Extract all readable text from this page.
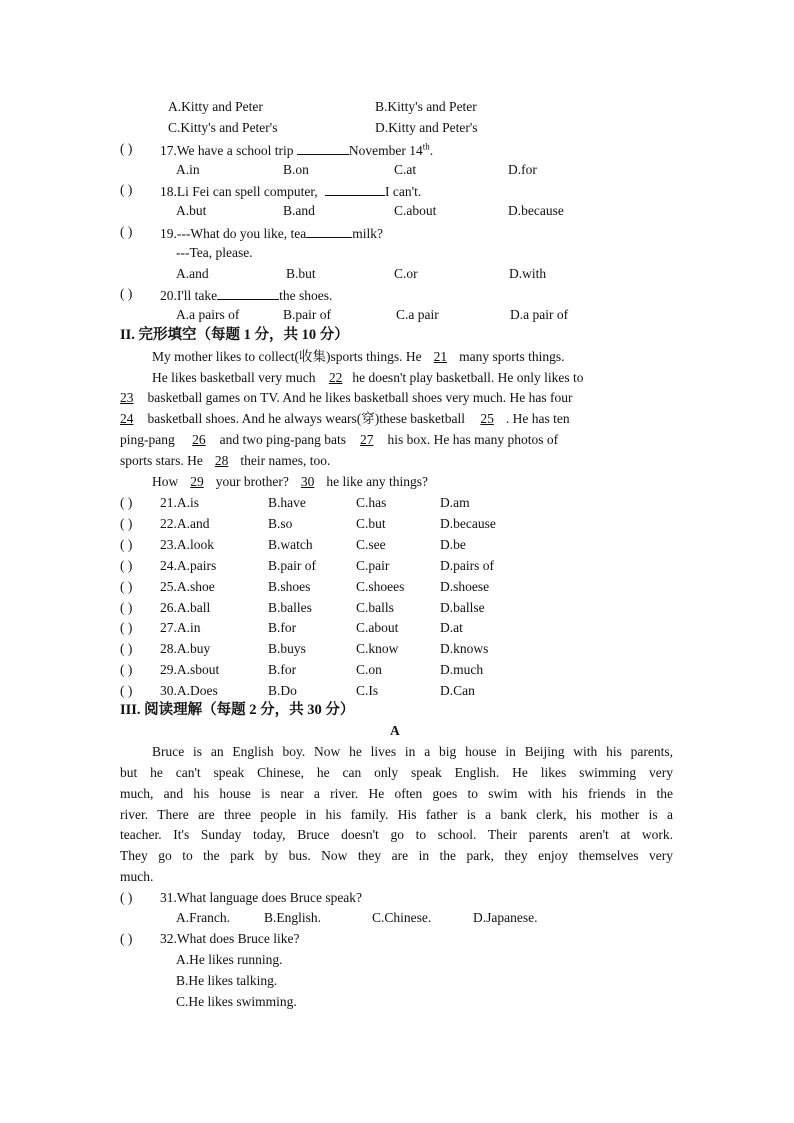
A.Kitty and Peter	B.Kitty's and Peter
C.Kitty's and Peter's	D.Kitty and Peter's
( ) 17.We have a school trip	November 14th.
A.in	B.on	C.at	D.for
( ) 18.Li Fei can spell computer,	I can't.
A.but	B.and	C.about	D.because
( ) 19.---What do you like, tea	milk?
---Tea, please.
A.and	B.but	C.or	D.with
( ) 20.I'll take	the shoes.
A.a pairs of	B.pair of	C.a pair	D.a pair of
II. 完形填空（每题 1 分，共 10 分）
My mother likes to collect(收集)sports things. He 21 many sports things.
He likes basketball very much 22 he doesn't play basketball. He only likes to
23 basketball games on TV. And he likes basketball shoes very much. He has four
24 basketball shoes. And he always wears(穿)these basketball 25 . He has ten
ping-pang 26 and two ping-pang bats 27 his box. He has many photos of
sports stars. He 28 their names, too.
How 29 your brother? 30 he like any things?
( ) 21.A.is	B.have	C.has	D.am
( ) 22.A.and	B.so	C.but	D.because
( ) 23.A.look	B.watch	C.see	D.be
( ) 24.A.pairs	B.pair of	C.pair	D.pairs of
( ) 25.A.shoe	B.shoes	C.shoees	D.shoese
( ) 26.A.ball	B.balles	C.balls	D.ballse
( ) 27.A.in	B.for	C.about	D.at
( ) 28.A.buy	B.buys	C.know	D.knows
( ) 29.A.sbout	B.for	C.on	D.much
( ) 30.A.Does	B.Do	C.Is	D.Can
III. 阅读理解（每题 2 分，共 30 分）
A
Bruce is an English boy. Now he lives in a big house in Beijing with his parents,
but he can't speak Chinese, he can only speak English. He likes swimming very
much, and his house is near a river. He often goes to swim with his friends in the
river. There are three people in his family. His father is a bank clerk, his mother is a
teacher. It's Sunday today, Bruce doesn't go to school. Their parents aren't at work.
They go to the park by bus. Now they are in the park, they enjoy themselves very
much.
( ) 31.What language does Bruce speak?
A.Franch.	B.English.	C.Chinese.	D.Japanese.
( ) 32.What does Bruce like?
A.He likes running.
B.He likes talking.
C.He likes swimming.
